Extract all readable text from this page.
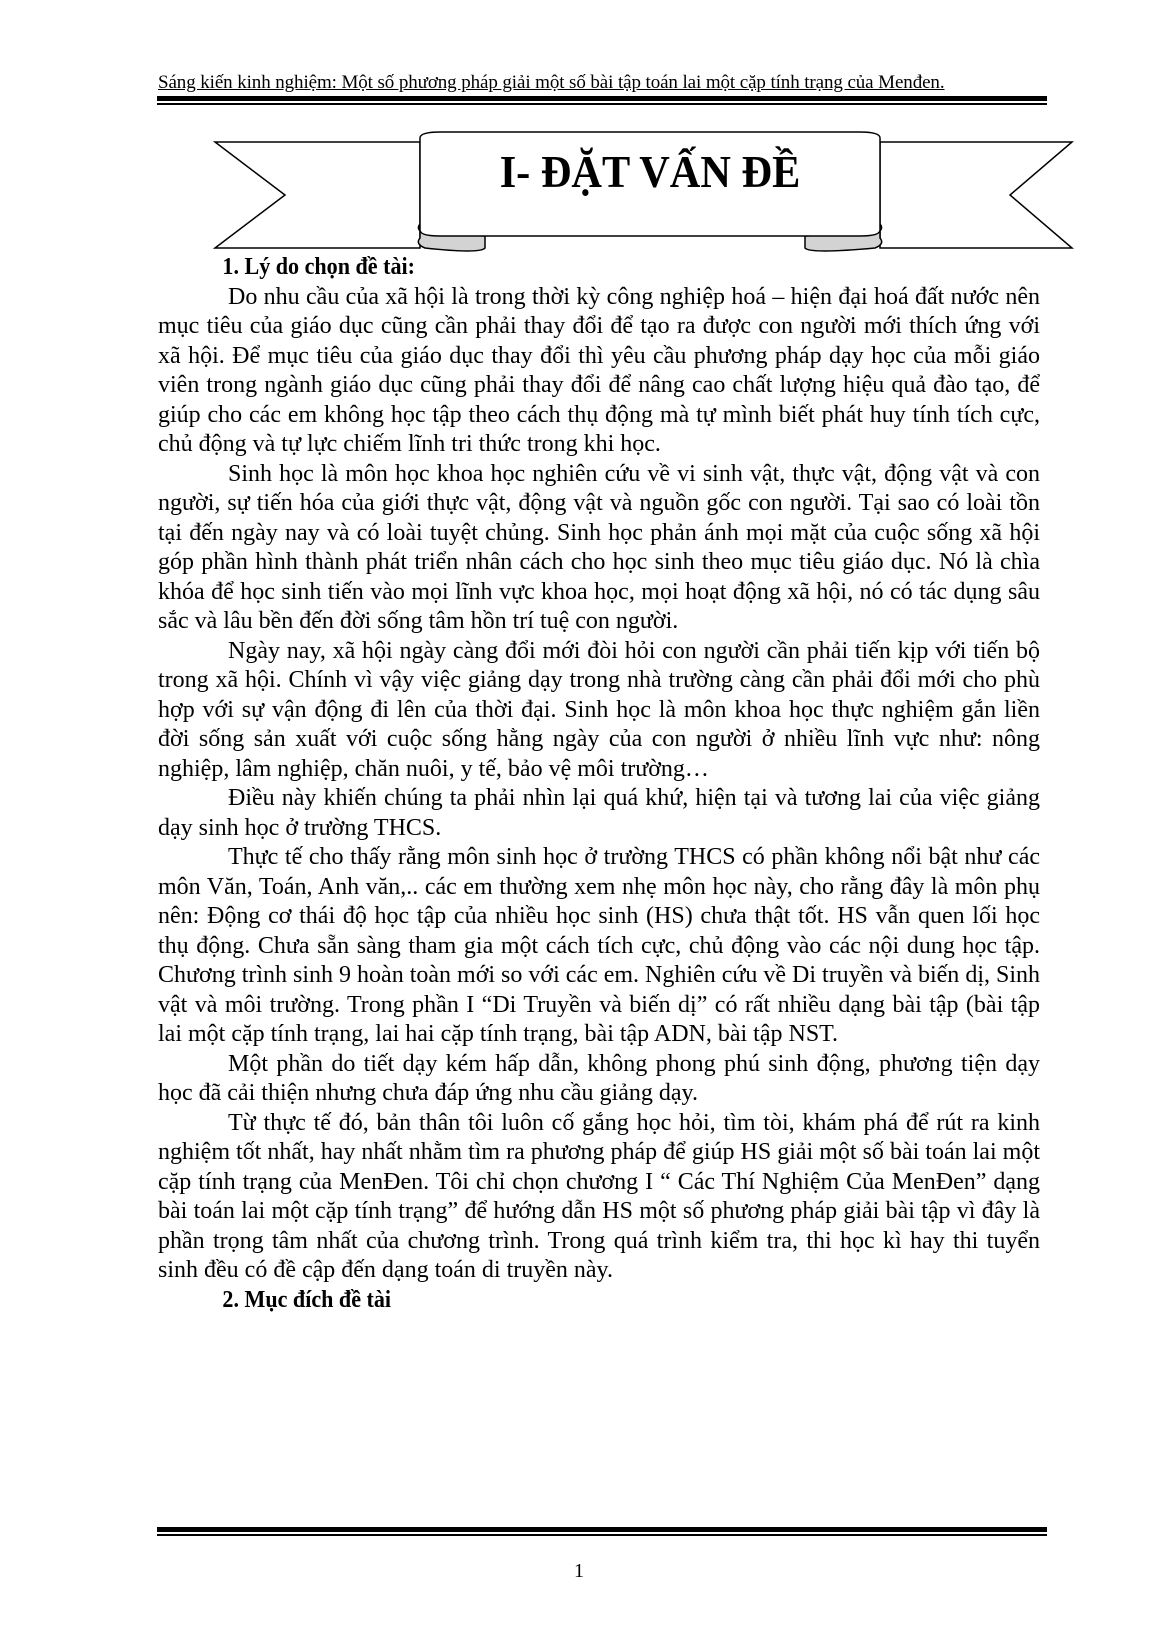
Sáng kiến kinh nghiệm: Một số phương pháp giải một số bài tập toán lai một cặp tính trạng của Menđen.
I- ĐẶT VẤN ĐỀ
1. Lý do chọn đề tài:

Do nhu cầu của xã hội là trong thời kỳ công nghiệp hoá – hiện đại hoá đất nước nên mục tiêu của giáo dục cũng cần phải thay đổi để tạo ra được con người mới thích ứng với xã hội. Để mục tiêu của giáo dục thay đổi thì yêu cầu phương pháp dạy học của mỗi giáo viên trong ngành giáo dục cũng phải thay đổi để nâng cao chất lượng hiệu quả đào tạo, để giúp cho các em không học tập theo cách thụ động mà tự mình biết phát huy tính tích cực, chủ động và tự lực chiếm lĩnh tri thức trong khi học.

Sinh học là môn học khoa học nghiên cứu về vi sinh vật, thực vật, động vật và con người, sự tiến hóa của giới thực vật, động vật và nguồn gốc con người. Tại sao có loài tồn tại đến ngày nay và có loài tuyệt chủng. Sinh học phản ánh mọi mặt của cuộc sống xã hội góp phần hình thành phát triển nhân cách cho học sinh theo mục tiêu giáo dục. Nó là chìa khóa để học sinh tiến vào mọi lĩnh vực khoa học, mọi hoạt động xã hội, nó có tác dụng sâu sắc và lâu bền đến đời sống tâm hồn trí tuệ con người.

Ngày nay, xã hội ngày càng đổi mới đòi hỏi con người cần phải tiến kịp với tiến bộ trong xã hội. Chính vì vậy việc giảng dạy trong nhà trường càng cần phải đổi mới cho phù hợp với sự vận động đi lên của thời đại. Sinh học là môn khoa học thực nghiệm gắn liền đời sống sản xuất với cuộc sống hằng ngày của con người ở nhiều lĩnh vực như: nông nghiệp, lâm nghiệp, chăn nuôi, y tế, bảo vệ môi trường…

Điều này khiến chúng ta phải nhìn lại quá khứ, hiện tại và tương lai của việc giảng dạy sinh học ở trường THCS.

Thực tế cho thấy rằng môn sinh học ở trường THCS có phần không nổi bật như các môn Văn, Toán, Anh văn,.. các em thường xem nhẹ môn học này, cho rằng đây là môn phụ nên: Động cơ thái độ học tập của nhiều học sinh (HS) chưa thật tốt. HS vẫn quen lối học thụ động. Chưa sẵn sàng tham gia một cách tích cực, chủ động vào các nội dung học tập. Chương trình sinh 9 hoàn toàn mới so với các em. Nghiên cứu về Di truyền và biến dị, Sinh vật và môi trường. Trong phần I “Di Truyền và biến dị” có rất nhiều dạng bài tập (bài tập lai một cặp tính trạng, lai hai cặp tính trạng, bài tập ADN, bài tập NST.

Một phần do tiết dạy kém hấp dẫn, không phong phú sinh động, phương tiện dạy học đã cải thiện nhưng chưa đáp ứng nhu cầu giảng dạy.

Từ thực tế đó, bản thân tôi luôn cố gắng học hỏi, tìm tòi, khám phá để rút ra kinh nghiệm tốt nhất, hay nhất nhằm tìm ra phương pháp để giúp HS giải một số bài toán lai một cặp tính trạng của MenĐen. Tôi chỉ chọn chương I “ Các Thí Nghiệm Của MenĐen” dạng bài toán lai một cặp tính trạng” để hướng dẫn HS một số phương pháp giải bài tập vì đây là phần trọng tâm nhất của chương trình. Trong quá trình kiểm tra, thi học kì hay thi tuyển sinh đều có đề cập đến dạng toán di truyền này.

2. Mục đích đề tài
1
